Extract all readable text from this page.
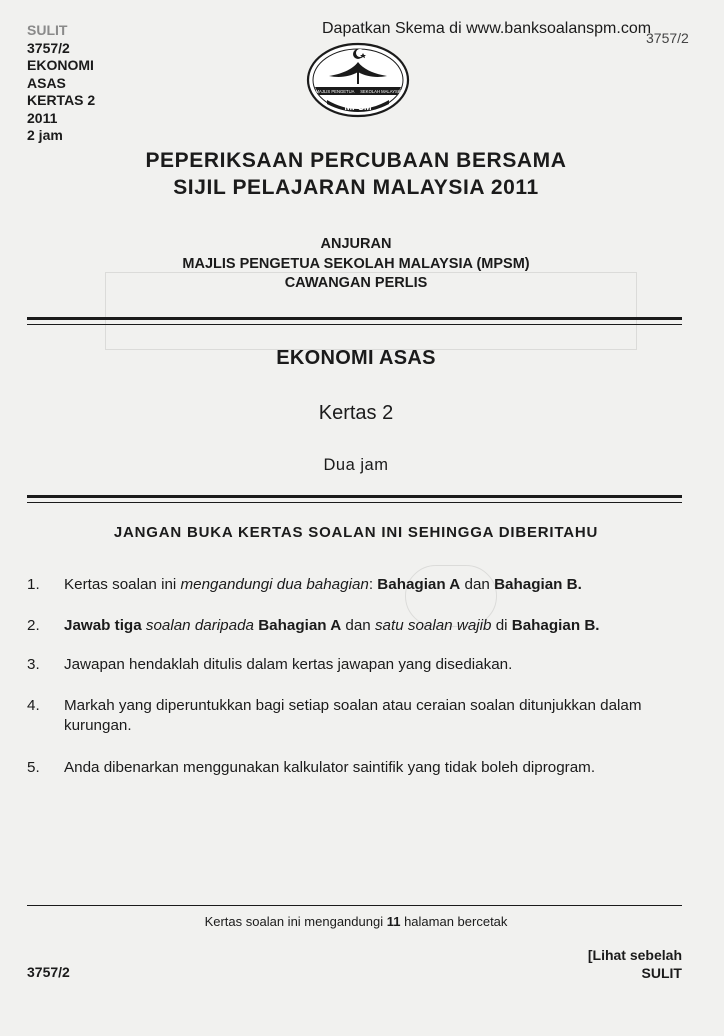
SULIT
3757/2
EKONOMI
ASAS
KERTAS 2
2011
2 jam
Dapatkan Skema di www.banksoalanspm.com
3757/2
MAJLIS PENGETUA SEKOLAH MALAYSIA
MPSM
PEPERIKSAAN PERCUBAAN BERSAMA
SIJIL PELAJARAN MALAYSIA 2011
ANJURAN
MAJLIS PENGETUA SEKOLAH MALAYSIA (MPSM)
CAWANGAN PERLIS
EKONOMI ASAS
Kertas 2
Dua jam
JANGAN BUKA KERTAS SOALAN INI SEHINGGA DIBERITAHU
1. Kertas soalan ini mengandungi dua bahagian: Bahagian A dan Bahagian B.
2. Jawab tiga soalan daripada Bahagian A dan satu soalan wajib di Bahagian B.
3. Jawapan hendaklah ditulis dalam kertas jawapan yang disediakan.
4. Markah yang diperuntukkan bagi setiap soalan atau ceraian soalan ditunjukkan dalam kurungan.
5. Anda dibenarkan menggunakan kalkulator saintifik yang tidak boleh diprogram.
Kertas soalan ini mengandungi 11 halaman bercetak
3757/2
[Lihat sebelah
SULIT
